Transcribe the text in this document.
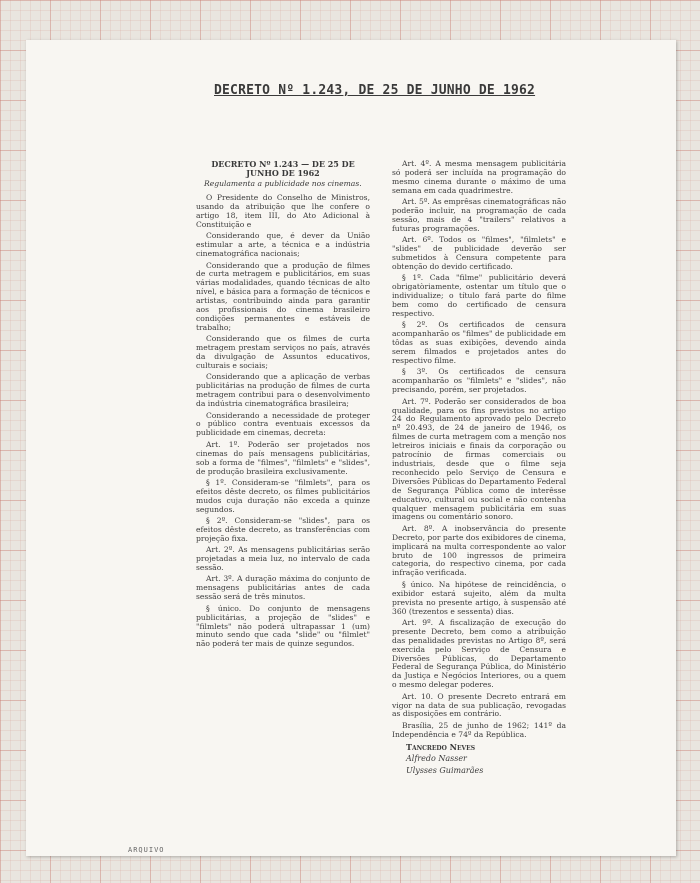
DECRETO Nº 1.243, DE 25 DE JUNHO DE 1962

DECRETO Nº 1.243 — DE 25 DE JUNHO DE 1962

Regulamenta a publicidade nos cinemas.

O Presidente do Conselho de Ministros, usando da atribuição que lhe confere o artigo 18, item III, do Ato Adicional à Constituição e

Considerando que, é dever da União estimular a arte, a técnica e a indústria cinematográfica nacionais;

Considerando que a produção de filmes de curta metragem e publicitários, em suas várias modalidades, quando técnicas de alto nível, e básica para a formação de técnicos e artistas, contribuindo ainda para garantir aos profissionais do cinema brasileiro condições permanentes e estáveis de trabalho;

Considerando que os filmes de curta metragem prestam serviços no país, através da divulgação de Assuntos educativos, culturais e sociais;

Considerando que a aplicação de verbas publicitárias na produção de filmes de curta metragem contribui para o desenvolvimento da indústria cinematográfica brasileira;

Considerando a necessidade de proteger o público contra eventuais excessos da publicidade em cinemas, decreta:

Art. 1º. Poderão ser projetados nos cinemas do país mensagens publicitárias, sob a forma de "filmes", "filmlets" e "slides", de produção brasileira exclusivamente.

§ 1º. Consideram-se "filmlets", para os efeitos dêste decreto, os filmes publicitários mudos cuja duração não exceda a quinze segundos.

§ 2º. Consideram-se "slides", para os efeitos dêste decreto, as transferências com projeção fixa.

Art. 2º. As mensagens publicitárias serão projetadas a meia luz, no intervalo de cada sessão.

Art. 3º. A duração máxima do conjunto de mensagens publicitárias antes de cada sessão será de três minutos.

§ único. Do conjunto de mensagens publicitárias, a projeção de "slides" e "filmlets" não poderá ultrapassar 1 (um) minuto sendo que cada "slide" ou "filmlet" não poderá ter mais de quinze segundos.

Art. 4º. A mesma mensagem publicitária só poderá ser incluída na programação do mesmo cinema durante o máximo de uma semana em cada quadrimestre.

Art. 5º. As emprêsas cinematográficas não poderão incluir, na programação de cada sessão, mais de 4 "trailers" relativos a futuras programações.

Art. 6º. Todos os "filmes", "filmlets" e "slides" de publicidade deverão ser submetidos à Censura competente para obtenção do devido certificado.

§ 1º. Cada "filme" publicitário deverá obrigatòriamente, ostentar um título que o individualize; o título fará parte do filme bem como do certificado de censura respectivo.

§ 2º. Os certificados de censura acompanharão os "filmes" de publicidade em tôdas as suas exibições, devendo ainda serem filmados e projetados antes do respectivo filme.

§ 3º. Os certificados de censura acompanharão os "filmlets" e "slides", não precisando, porém, ser projetados.

Art. 7º. Poderão ser considerados de boa qualidade, para os fins previstos no artigo 24 do Regulamento aprovado pelo Decreto nº 20.493, de 24 de janeiro de 1946, os filmes de curta metragem com a menção nos letreiros iniciais e finais da corporação ou patrocínio de firmas comerciais ou industriais, desde que o filme seja reconhecido pelo Serviço de Censura e Diversões Públicas do Departamento Federal de Segurança Pública como de interêsse educativo, cultural ou social e não contenha qualquer mensagem publicitária em suas imagens ou comentário sonoro.

Art. 8º. A inobservância do presente Decreto, por parte dos exibidores de cinema, implicará na multa correspondente ao valor bruto de 100 ingressos de primeira categoria, do respectivo cinema, por cada infração verificada.

§ único. Na hipótese de reincidência, o exibidor estará sujeito, além da multa prevista no presente artigo, à suspensão até 360 (trezentos e sessenta) dias.

Art. 9º. A fiscalização de execução do presente Decreto, bem como a atribuição das penalidades previstas no Artigo 8º, será exercida pelo Serviço de Censura e Diversões Públicas, do Departamento Federal de Segurança Pública, do Ministério da Justiça e Negócios Interiores, ou a quem o mesmo delegar poderes.

Art. 10. O presente Decreto entrará em vigor na data de sua publicação, revogadas as disposições em contrário.

Brasília, 25 de junho de 1962; 141º da Independência e 74º da República.

Tancredo Neves

Alfredo Nasser

Ulysses Guimarães

ARQUIVO
